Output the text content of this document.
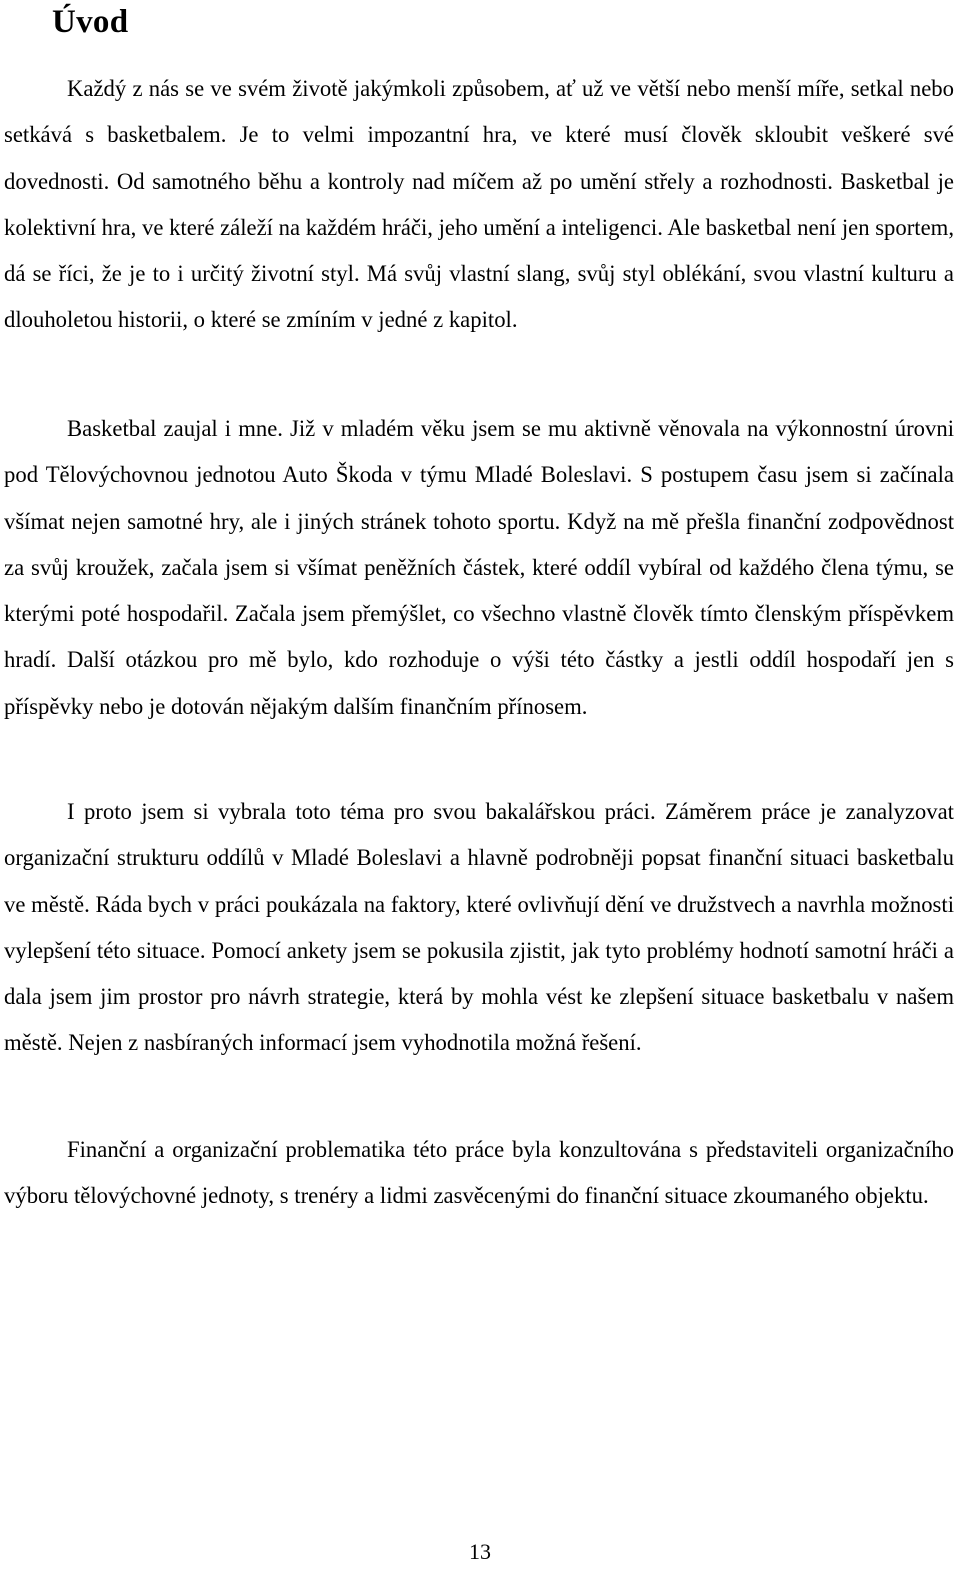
Úvod

Každý z nás se ve svém životě jakýmkoli způsobem, ať už ve větší nebo menší míře, setkal nebo setkává s basketbalem. Je to velmi impozantní hra, ve které musí člověk skloubit veškeré své dovednosti. Od samotného běhu a kontroly nad míčem až po umění střely a rozhodnosti. Basketbal je kolektivní hra, ve které záleží na každém hráči, jeho umění a inteligenci. Ale basketbal není jen sportem, dá se říci, že je to i určitý životní styl. Má svůj vlastní slang, svůj styl oblékání, svou vlastní kulturu a dlouholetou historii, o které se zmíním v jedné z kapitol.

Basketbal zaujal i mne. Již v mladém věku jsem se mu aktivně věnovala na výkonnostní úrovni pod Tělovýchovnou jednotou Auto Škoda v týmu Mladé Boleslavi. S postupem času jsem si začínala všímat nejen samotné hry, ale i jiných stránek tohoto sportu. Když na mě přešla finanční zodpovědnost za svůj kroužek, začala jsem si všímat peněžních částek, které oddíl vybíral od každého člena týmu, se kterými poté hospodařil. Začala jsem přemýšlet, co všechno vlastně člověk tímto členským příspěvkem hradí. Další otázkou pro mě bylo, kdo rozhoduje o výši této částky a jestli oddíl hospodaří jen s příspěvky nebo je dotován nějakým dalším finančním přínosem.

I proto jsem si vybrala toto téma pro svou bakalářskou práci. Záměrem práce je zanalyzovat organizační strukturu oddílů v Mladé Boleslavi a hlavně podrobněji popsat finanční situaci basketbalu ve městě. Ráda bych v práci poukázala na faktory, které ovlivňují dění ve družstvech a navrhla možnosti vylepšení této situace. Pomocí ankety jsem se pokusila zjistit, jak tyto problémy hodnotí samotní hráči a dala jsem jim prostor pro návrh strategie, která by mohla vést ke zlepšení situace basketbalu v našem městě. Nejen z nasbíraných informací jsem vyhodnotila možná řešení.

Finanční a organizační problematika této práce byla konzultována s představiteli organizačního výboru tělovýchovné jednoty, s trenéry a lidmi zasvěcenými do finanční situace zkoumaného objektu.

13
